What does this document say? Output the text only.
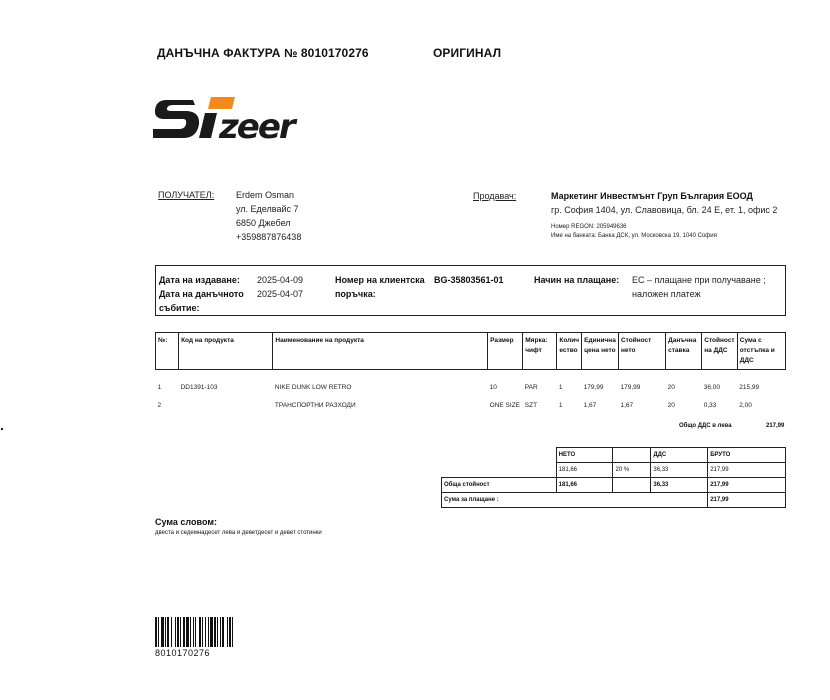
ДАНЪЧНА ФАКТУРА № 8010170276	ОРИГИНАЛ
zeer
ПОЛУЧАТЕЛ: Erdem Osman
ул. Еделвайс 7
6850 Джебел
+359887876438
Продавач:	Маркетинг Инвестмънт Груп България ЕООД
гр. София 1404, ул. Славовица, бл. 24 Е, ет. 1, офис 2
Номер REGON: 205949636
Име на банката: Банка ДСК, ул. Московска 19, 1040 София
Дата на издаване: 2025-04-09
Дата на данъчното
събитие:
2025-04-07
Номер на клиентска
поръчка:
BG-35803561-01	Начин на плащане: EC – плащане при получаване ;
наложен платеж
№:	Код на продукта	Наименование на продукта	Размер	Мярка: чифт	Колич ество	Единична цена нето	Стойност нето	Данъчна ставка	Стойност на ДДС	Сума с отстъпка и ДДС
1	DD1391-103	NIKE DUNK LOW RETRO	10	PAR	1	179,99	179,99	20	36,00	215,99
2		ТРАНСПОРТНИ РАЗХОДИ	ONE SIZE	SZT	1	1,67	1,67	20	0,33	2,00
Общо ДДС в лева	217,99
	НЕТО		ДДС	БРУТО
	181,66	20 %	36,33	217,99
Обща стойност	181,66		36,33	217,99
Сума за плащане :				217,99
Сума словом:
двеста и седемнадесет лева и деветдесет и девет стотинки
8010170276
